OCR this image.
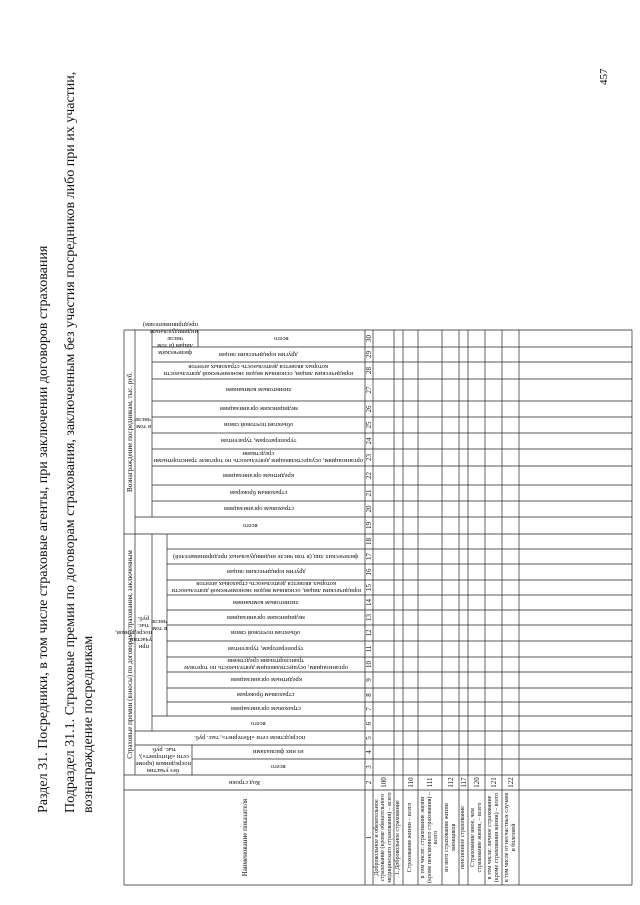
Раздел 31. Посредники, в том числе страховые агенты, при заключении договоров страхования Подраздел 31.1. Страховые премии по договорам страхования, заключенным без участия посредников либо при их участии, вознаграждение посредникам
457
Наименование показателя
Код строки
Страховые премии (взносы) по договорам страхования, заключенным
Вознаграждение посредникам, тыс. руб.
без участия посредников (кроме сети «Интернет»), тыс. руб.
всего
из них филиалами
посредством сети «Интернет», тыс. руб.
при участии посредников, тыс. руб.
всего
в том числе
страховым организациям
страховым брокерам
кредитным организациям
организациям, осуществляющим деятельность по торговле транспортными средствами
туроператорам, турагентам
объектам почтовой связи
медицинским организациям
лизинговым компаниям
юридическим лицам, основным видом экономической деятельности которых является деятельность страховых агентов
другим юридическим лицам
физических лиц (в том числе индивидуальных предпринимателей)
всего
в том числе
страховым организациям
страховым брокерам
кредитным организациям
организациям, осуществляющим деятельность по торговле транспортными средствами
туроператорам, турагентам
объектам почтовой связи
медицинским организациям
лизинговым компаниям
юридическим лицам, основным видом экономической деятельности которых является деятельность страховых агентов
другим юридическим лицам
физическим лицам (в том числе индивидуальным предпринимателям)
всего
1
2
3
4
5
6
7
8
9
10
11
12
13
14
15
16
17
18
19
20
21
22
23
24
25
26
27
28
29
30
Добровольное и обязательное страхование (кроме обязательного медицинского страхования) – всего
100
I. Добровольное страхование	Страхование жизни – всего
110
в том числе: страхование жизни (кроме пенсионного страхования) – всего
111
из него страхование жизни заемщиков
112
пенсионное страхование
117
Страхование иное, чем страхование жизни, – всего
120
в том числе: личное страхование (кроме страхования жизни) – всего
121
в том числе от несчастных случаев и болезней
122
